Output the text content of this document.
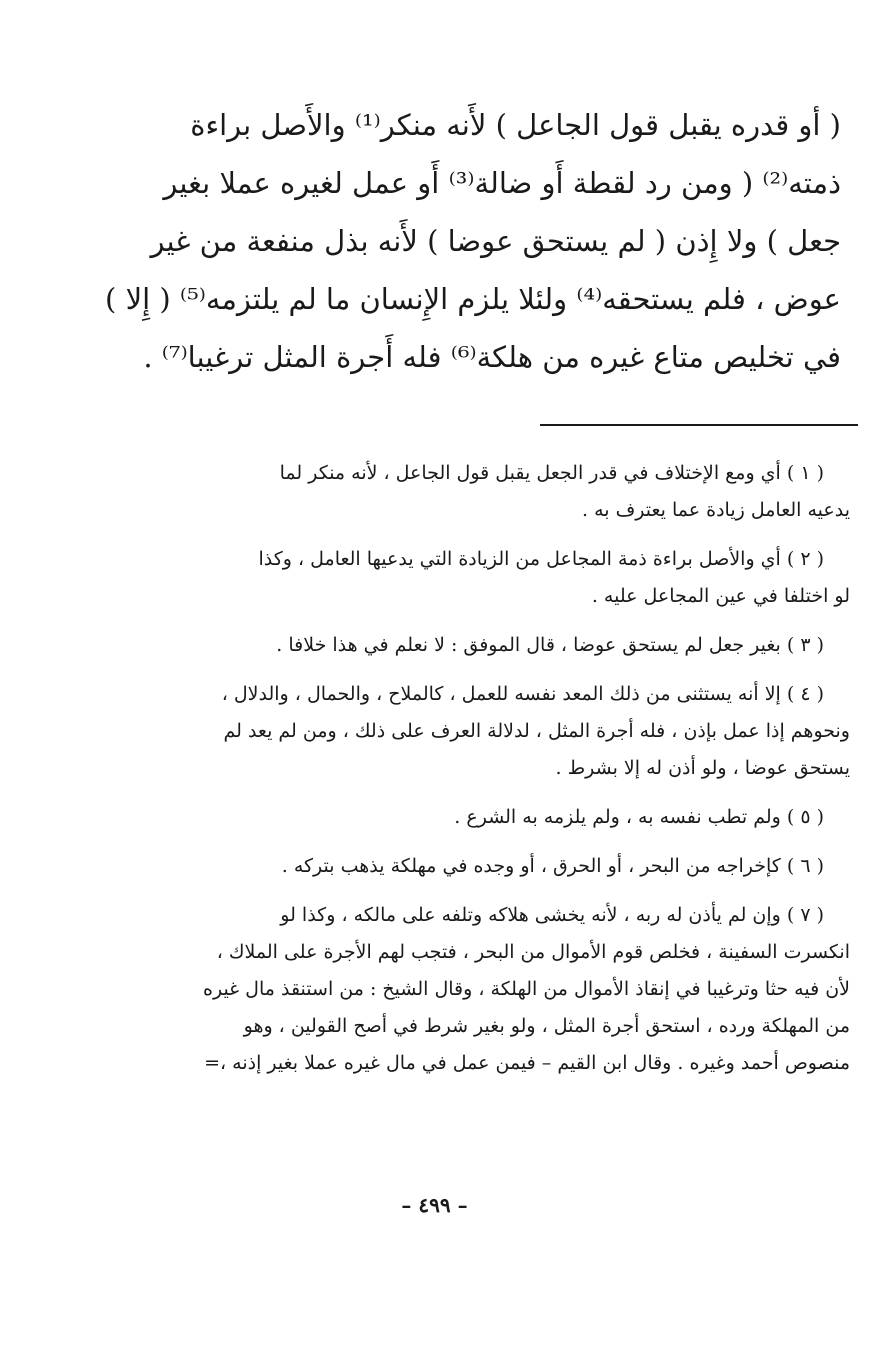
( أو قدره يقبل قول الجاعل ) لأَنه منكر⁽¹⁾ والأَصل براءة
ذمته⁽²⁾ ( ومن رد لقطة أَو ضالة⁽³⁾ أَو عمل لغيره عملا بغير
جعل ) ولا إِذن ( لم يستحق عوضا ) لأَنه بذل منفعة من غير
عوض ، فلم يستحقه⁽⁴⁾ ولئلا يلزم الإِنسان ما لم يلتزمه⁽⁵⁾ ( إِلا )
في تخليص متاع غيره من هلكة⁽⁶⁾ فله أَجرة المثل ترغيبا⁽⁷⁾ .
( ١ ) أي ومع الإختلاف في قدر الجعل يقبل قول الجاعل ، لأنه منكر لما
يدعيه العامل زيادة عما يعترف به .
( ٢ ) أي والأصل براءة ذمة المجاعل من الزيادة التي يدعيها العامل ، وكذا
لو اختلفا في عين المجاعل عليه .
( ٣ ) بغير جعل لم يستحق عوضا ، قال الموفق : لا نعلم في هذا خلافا .
( ٤ ) إلا أنه يستثنى من ذلك المعد نفسه للعمل ، كالملاح ، والحمال ، والدلال ،
ونحوهم إذا عمل بإذن ، فله أجرة المثل ، لدلالة العرف على ذلك ، ومن لم يعد لم
يستحق عوضا ، ولو أذن له إلا بشرط .
( ٥ ) ولم تطب نفسه به ، ولم يلزمه به الشرع .
( ٦ ) كإخراجه من البحر ، أو الحرق ، أو وجده في مهلكة يذهب بتركه .
( ٧ ) وإن لم يأذن له ربه ، لأنه يخشى هلاكه وتلفه على مالكه ، وكذا لو
انكسرت السفينة ، فخلص قوم الأموال من البحر ، فتجب لهم الأجرة على الملاك ،
لأن فيه حثا وترغيبا في إنقاذ الأموال من الهلكة ، وقال الشيخ : من استنقذ مال غيره
من المهلكة ورده ، استحق أجرة المثل ، ولو بغير شرط في أصح القولين ، وهو
منصوص أحمد وغيره . وقال ابن القيم – فيمن عمل في مال غيره عملا بغير إذنه ،=
– ٤٩٩ –
